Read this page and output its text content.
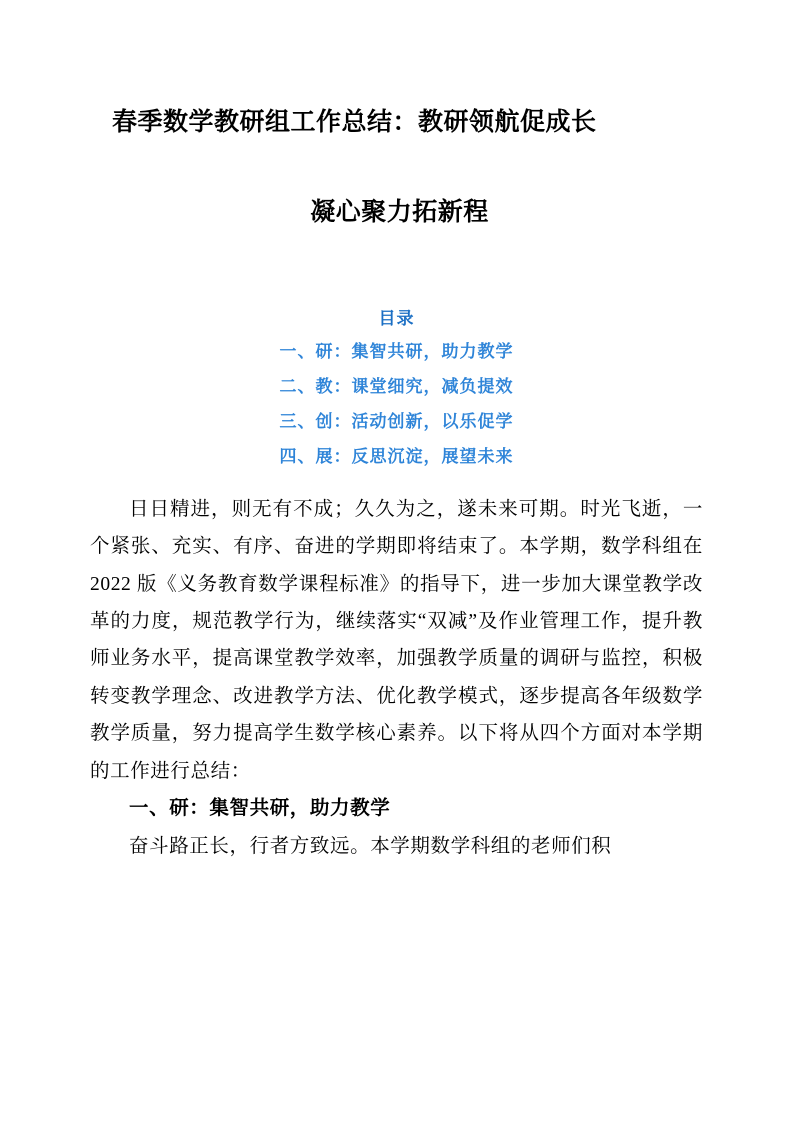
春季数学教研组工作总结：教研领航促成长
凝心聚力拓新程
目录
一、研：集智共研，助力教学
二、教：课堂细究，减负提效
三、创：活动创新，以乐促学
四、展：反思沉淀，展望未来

日日精进，则无有不成；久久为之，遂未来可期。时光飞逝，一个紧张、充实、有序、奋进的学期即将结束了。本学期，数学科组在 2022 版《义务教育数学课程标准》的指导下，进一步加大课堂教学改革的力度，规范教学行为，继续落实“双减”及作业管理工作，提升教师业务水平，提高课堂教学效率，加强教学质量的调研与监控，积极转变教学理念、改进教学方法、优化教学模式，逐步提高各年级数学教学质量，努力提高学生数学核心素养。以下将从四个方面对本学期的工作进行总结：

一、研：集智共研，助力教学

奋斗路正长，行者方致远。本学期数学科组的老师们积
